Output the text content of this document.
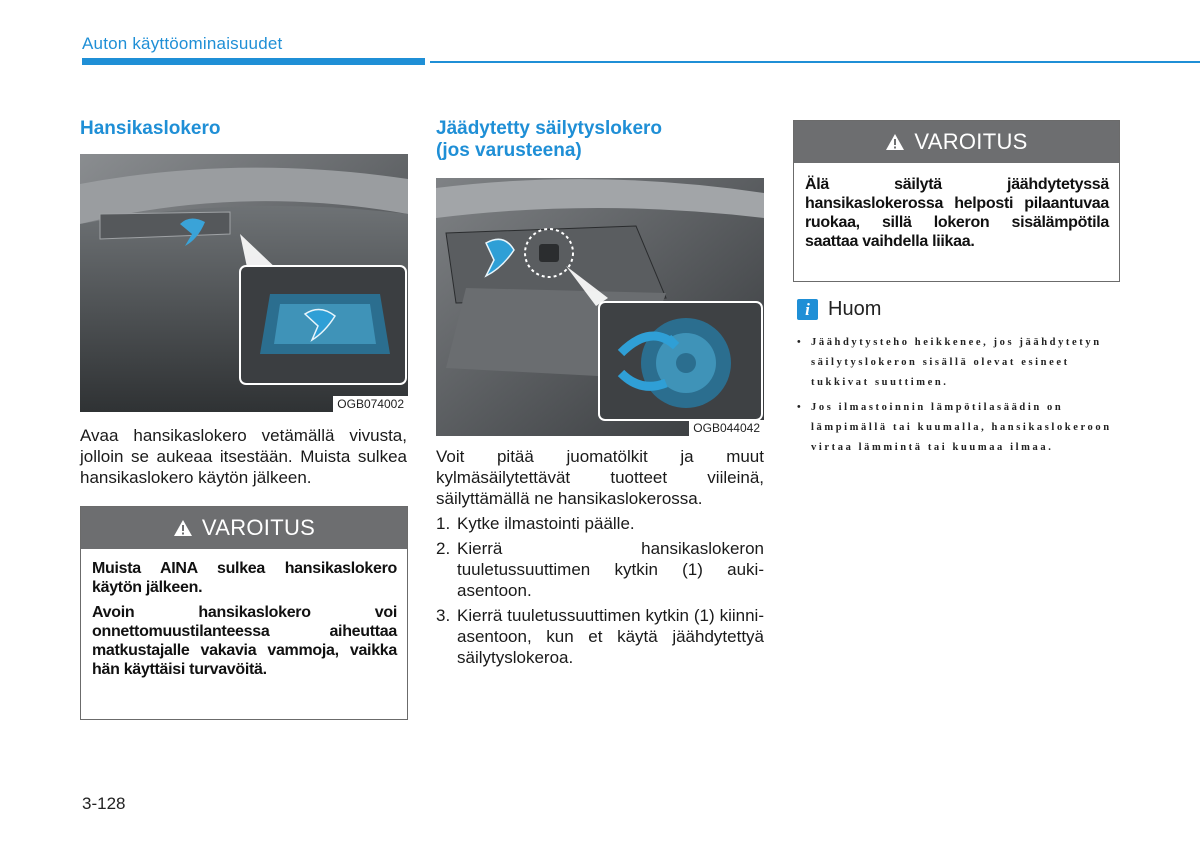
Auton käyttöominaisuudet
Hansikaslokero
OGB074002

Avaa hansikaslokero vetämällä vivusta, jolloin se aukeaa itsestään. Muista sulkea hansikaslokero käytön jälkeen.

VAROITUS

Muista AINA sulkea hansikaslokero käytön jälkeen.

Avoin hansikaslokero voi onnettomuustilanteessa aiheuttaa matkustajalle vakavia vammoja, vaikka hän käyttäisi turvavöitä.

Jäädytetty säilytyslokero
(jos varusteena)
OGB044042

Voit pitää juomatölkit ja muut kylmäsäilytettävät tuotteet viileinä, säilyttämällä ne hansikaslokerossa.

1. Kytke ilmastointi päälle.
2. Kierrä hansikaslokeron tuuletussuuttimen kytkin (1) auki-asentoon.
3. Kierrä tuuletussuuttimen kytkin (1) kiinni-asentoon, kun et käytä jäähdytettyä säilytyslokeroa.
VAROITUS

Älä säilytä jäähdytetyssä hansikaslokerossa helposti pilaantuvaa ruokaa, sillä lokeron sisälämpötila saattaa vaihdella liikaa.

i Huom
• Jäähdytysteho heikkenee, jos jäähdytetyn säilytyslokeron sisällä olevat esineet tukkivat suuttimen.
• Jos ilmastoinnin lämpötilasäädin on lämpimällä tai kuumalla, hansikaslokeroon virtaa lämmintä tai kuumaa ilmaa.
3-128
